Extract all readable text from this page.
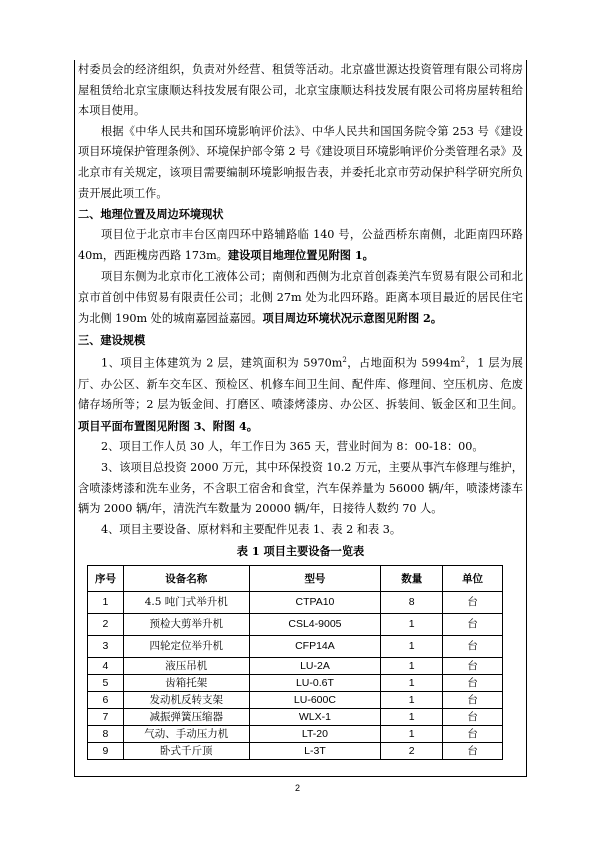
村委员会的经济组织，负责对外经营、租赁等活动。北京盛世源达投资管理有限公司将房屋租赁给北京宝康顺达科技发展有限公司，北京宝康顺达科技发展有限公司将房屋转租给本项目使用。

根据《中华人民共和国环境影响评价法》、中华人民共和国国务院令第 253 号《建设项目环境保护管理条例》、环境保护部令第 2 号《建设项目环境影响评价分类管理名录》及北京市有关规定，该项目需要编制环境影响报告表，并委托北京市劳动保护科学研究所负责开展此项工作。

二、地理位置及周边环境现状

项目位于北京市丰台区南四环中路辅路临 140 号，公益西桥东南侧，北距南四环路 40m，西距槐房西路 173m。建设项目地理位置见附图 1。

项目东侧为北京市化工液体公司；南侧和西侧为北京首创森美汽车贸易有限公司和北京市首创中伟贸易有限责任公司；北侧 27m 处为北四环路。距离本项目最近的居民住宅为北侧 190m 处的城南嘉园益嘉园。项目周边环境状况示意图见附图 2。

三、建设规模

1、项目主体建筑为 2 层，建筑面积为 $5970m^2$，占地面积为 $5994m^2$，1 层为展厅、办公区、新车交车区、预检区、机修车间卫生间、配件库、修理间、空压机房、危废储存场所等；2 层为钣金间、打磨区、喷漆烤漆房、办公区、拆装间、钣金区和卫生间。项目平面布置图见附图 3、附图 4。

2、项目工作人员 30 人，年工作日为 365 天，营业时间为 8：00-18：00。

3、该项目总投资 2000 万元，其中环保投资 10.2 万元，主要从事汽车修理与维护，含喷漆烤漆和洗车业务，不含职工宿舍和食堂，汽车保养量为 56000 辆/年，喷漆烤漆车辆为 2000 辆/年，清洗汽车数量为 20000 辆/年，日接待人数约 70 人。

4、项目主要设备、原材料和主要配件见表 1、表 2 和表 3。

表 1 项目主要设备一览表
序号	设备名称	型号	数量	单位
1	4.5 吨门式举升机	CTPA10	8	台
2	预检大剪举升机	CSL4-9005	1	台
3	四轮定位举升机	CFP14A	1	台
4	液压吊机	LU-2A	1	台
5	齿箱托架	LU-0.6T	1	台
6	发动机反转支架	LU-600C	1	台
7	减振弹簧压缩器	WLX-1	1	台
8	气动、手动压力机	LT-20	1	台
9	卧式千斤顶	L-3T	2	台
2
